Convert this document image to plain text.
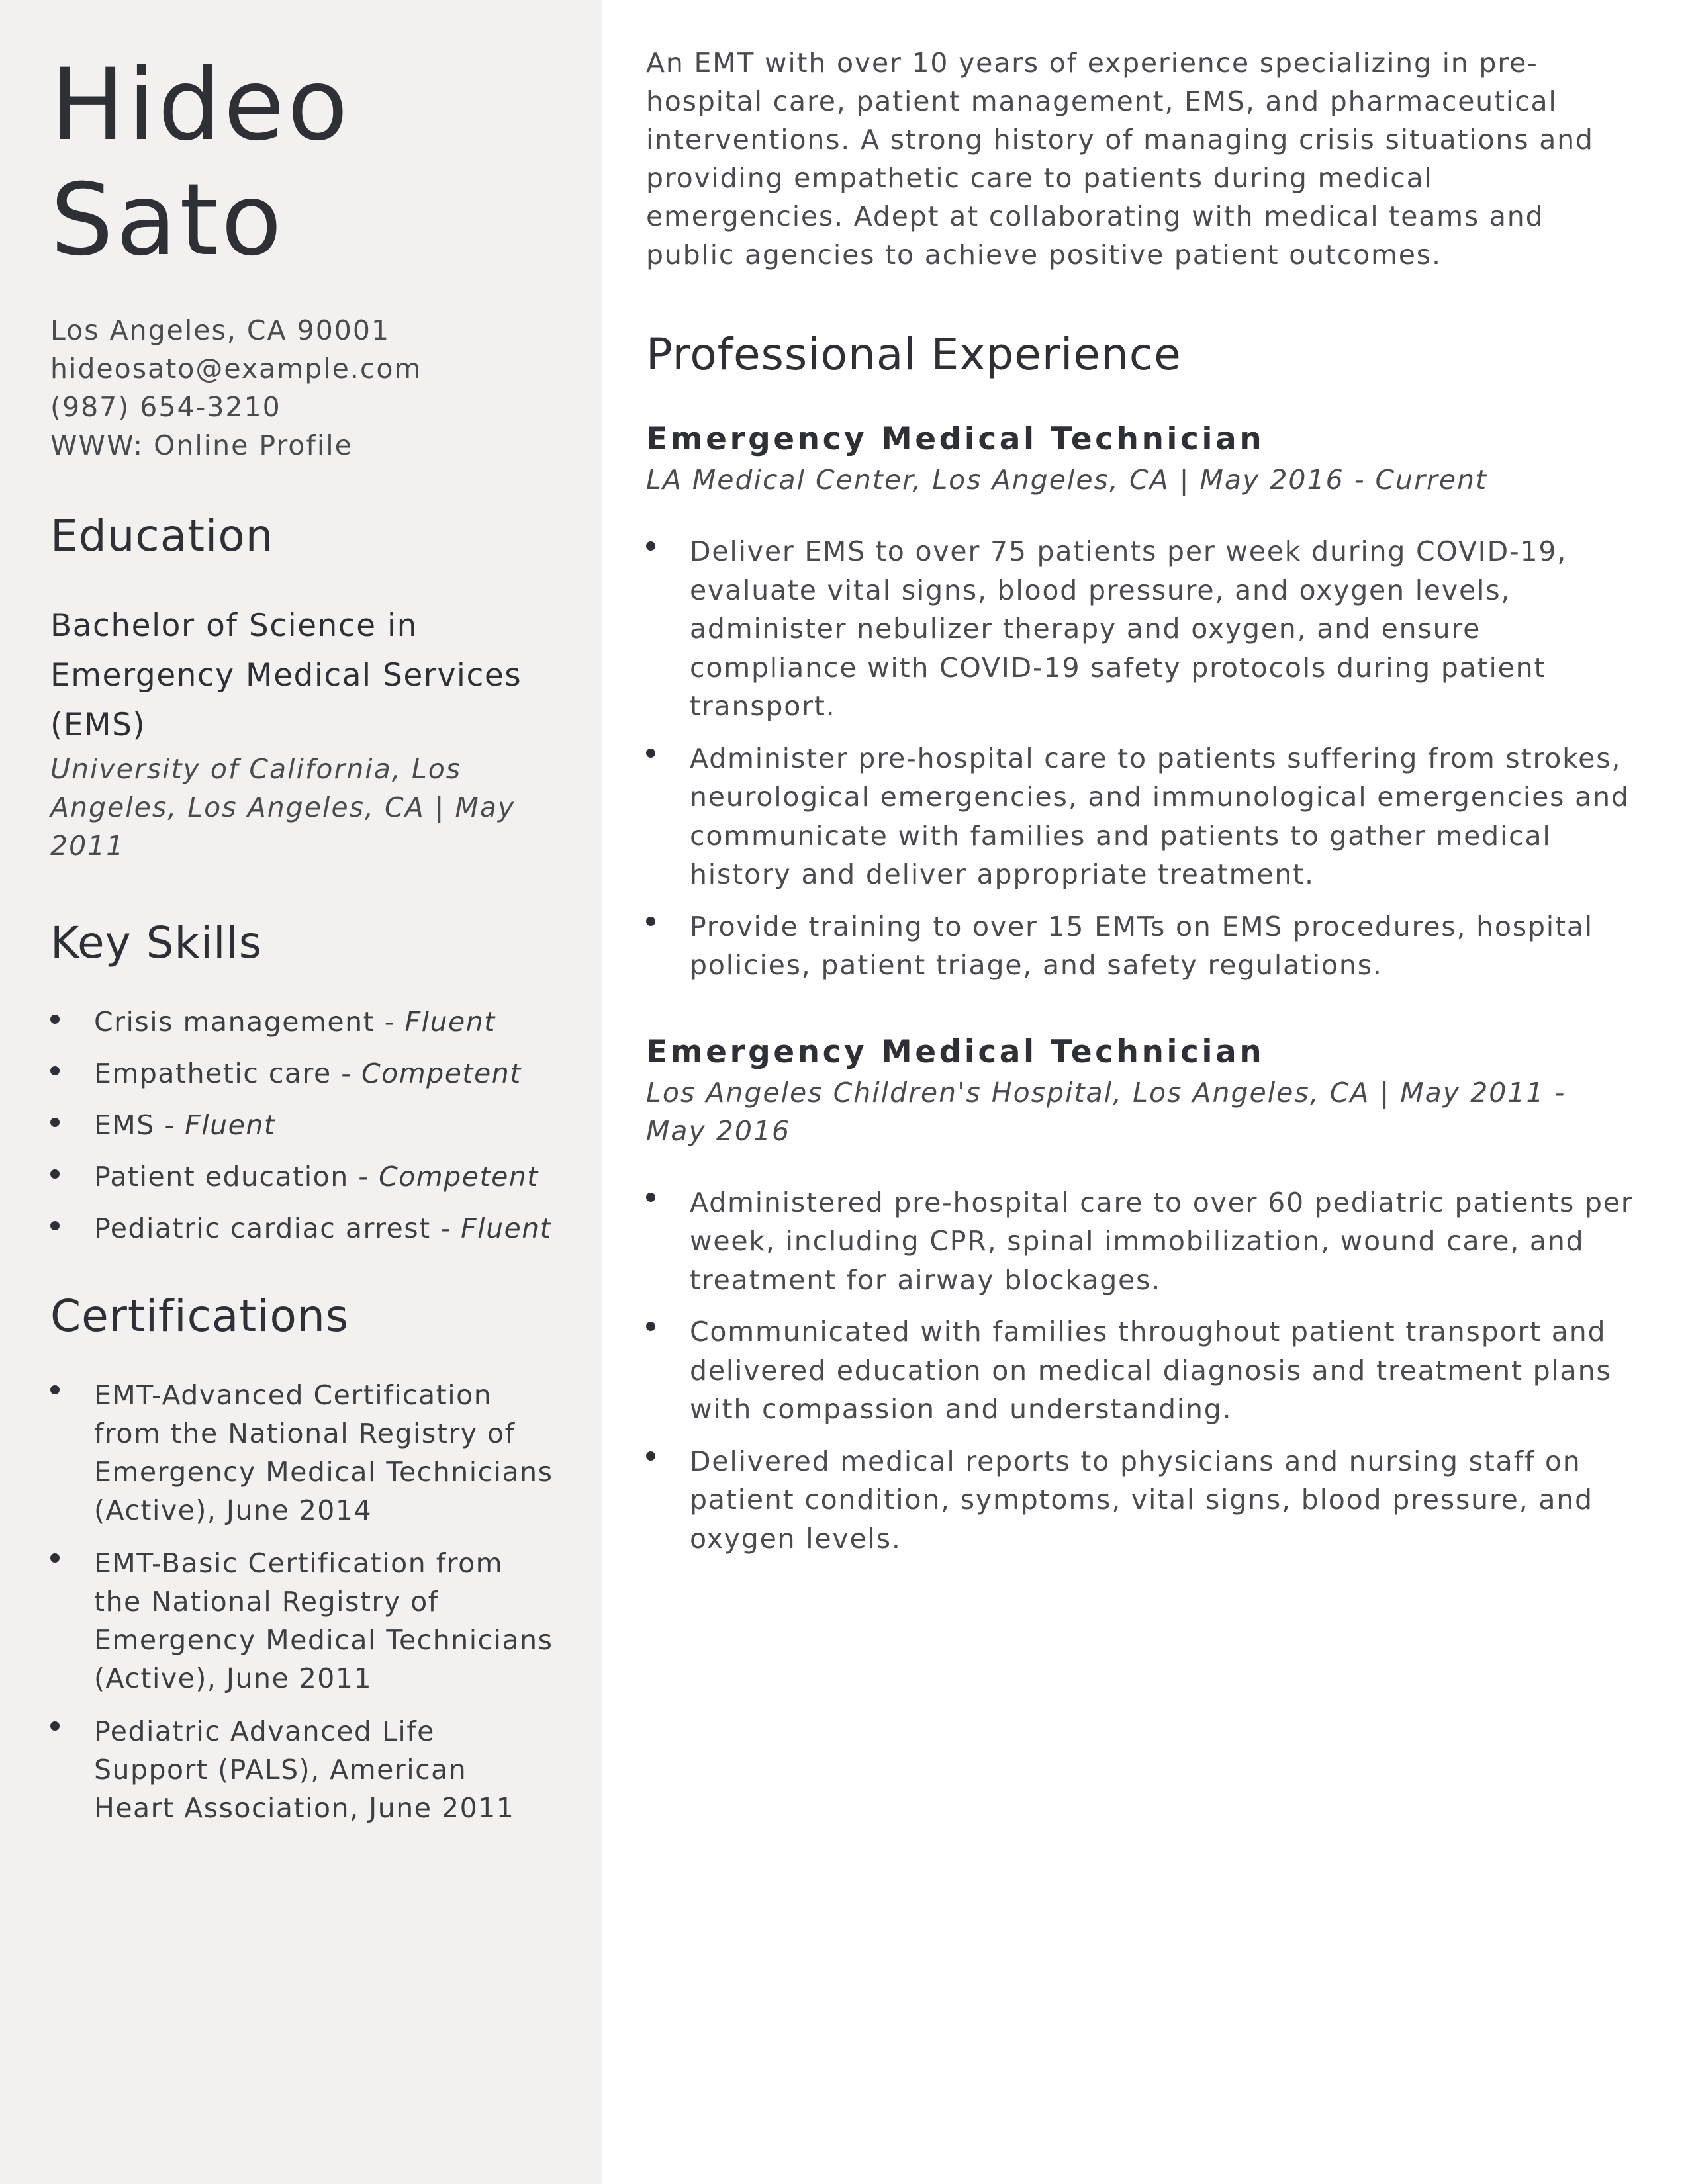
Hideo
Sato
Los Angeles, CA 90001
hideosato@example.com
(987) 654-3210
WWW: Online Profile
Education
Bachelor of Science in Emergency Medical Services (EMS)
University of California, Los Angeles, Los Angeles, CA | May 2011
Key Skills
Crisis management - Fluent
Empathetic care - Competent
EMS - Fluent
Patient education - Competent
Pediatric cardiac arrest - Fluent
Certifications
EMT-Advanced Certification from the National Registry of Emergency Medical Technicians (Active), June 2014
EMT-Basic Certification from the National Registry of Emergency Medical Technicians (Active), June 2011
Pediatric Advanced Life Support (PALS), American Heart Association, June 2011

An EMT with over 10 years of experience specializing in pre-hospital care, patient management, EMS, and pharmaceutical interventions. A strong history of managing crisis situations and providing empathetic care to patients during medical emergencies. Adept at collaborating with medical teams and public agencies to achieve positive patient outcomes.

Professional Experience
Emergency Medical Technician
LA Medical Center, Los Angeles, CA | May 2016 - Current
Deliver EMS to over 75 patients per week during COVID-19, evaluate vital signs, blood pressure, and oxygen levels, administer nebulizer therapy and oxygen, and ensure compliance with COVID-19 safety protocols during patient transport.
Administer pre-hospital care to patients suffering from strokes, neurological emergencies, and immunological emergencies and communicate with families and patients to gather medical history and deliver appropriate treatment.
Provide training to over 15 EMTs on EMS procedures, hospital policies, patient triage, and safety regulations.
Emergency Medical Technician
Los Angeles Children's Hospital, Los Angeles, CA | May 2011 - May 2016
Administered pre-hospital care to over 60 pediatric patients per week, including CPR, spinal immobilization, wound care, and treatment for airway blockages.
Communicated with families throughout patient transport and delivered education on medical diagnosis and treatment plans with compassion and understanding.
Delivered medical reports to physicians and nursing staff on patient condition, symptoms, vital signs, blood pressure, and oxygen levels.
